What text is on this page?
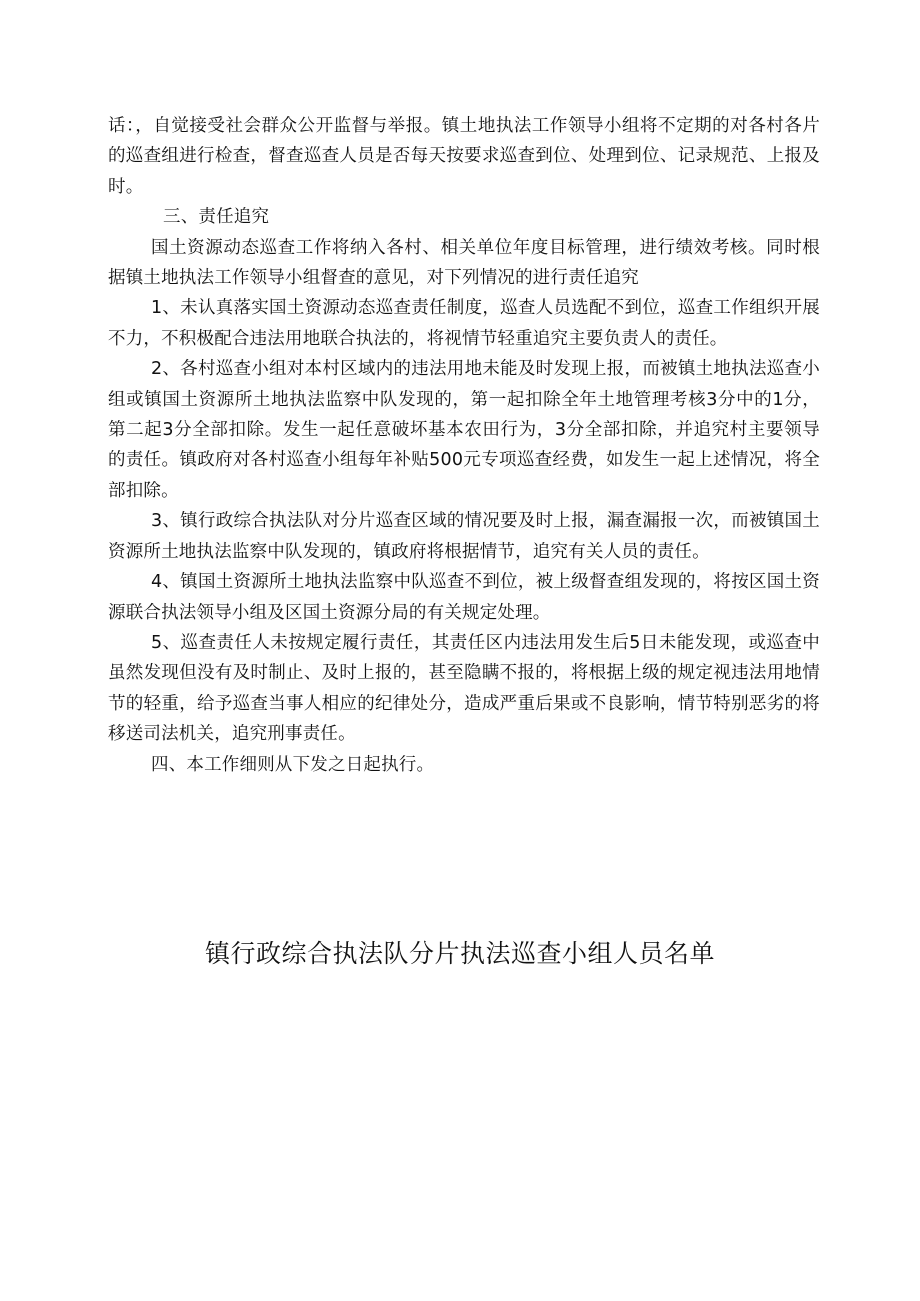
话：，自觉接受社会群众公开监督与举报。镇土地执法工作领导小组将不定期的对各村各片的巡查组进行检查，督查巡查人员是否每天按要求巡查到位、处理到位、记录规范、上报及时。

三、责任追究

国土资源动态巡查工作将纳入各村、相关单位年度目标管理，进行绩效考核。同时根据镇土地执法工作领导小组督查的意见，对下列情况的进行责任追究

1、未认真落实国土资源动态巡查责任制度，巡查人员选配不到位，巡查工作组织开展不力，不积极配合违法用地联合执法的，将视情节轻重追究主要负责人的责任。

2、各村巡查小组对本村区域内的违法用地未能及时发现上报，而被镇土地执法巡查小组或镇国土资源所土地执法监察中队发现的，第一起扣除全年土地管理考核3分中的1分，第二起3分全部扣除。发生一起任意破坏基本农田行为，3分全部扣除，并追究村主要领导的责任。镇政府对各村巡查小组每年补贴500元专项巡查经费，如发生一起上述情况，将全部扣除。

3、镇行政综合执法队对分片巡查区域的情况要及时上报，漏查漏报一次，而被镇国土资源所土地执法监察中队发现的，镇政府将根据情节，追究有关人员的责任。

4、镇国土资源所土地执法监察中队巡查不到位，被上级督查组发现的，将按区国土资源联合执法领导小组及区国土资源分局的有关规定处理。

5、巡查责任人未按规定履行责任，其责任区内违法用发生后5日未能发现，或巡查中虽然发现但没有及时制止、及时上报的，甚至隐瞒不报的，将根据上级的规定视违法用地情节的轻重，给予巡查当事人相应的纪律处分，造成严重后果或不良影响，情节特别恶劣的将移送司法机关，追究刑事责任。

四、本工作细则从下发之日起执行。

镇行政综合执法队分片执法巡查小组人员名单
